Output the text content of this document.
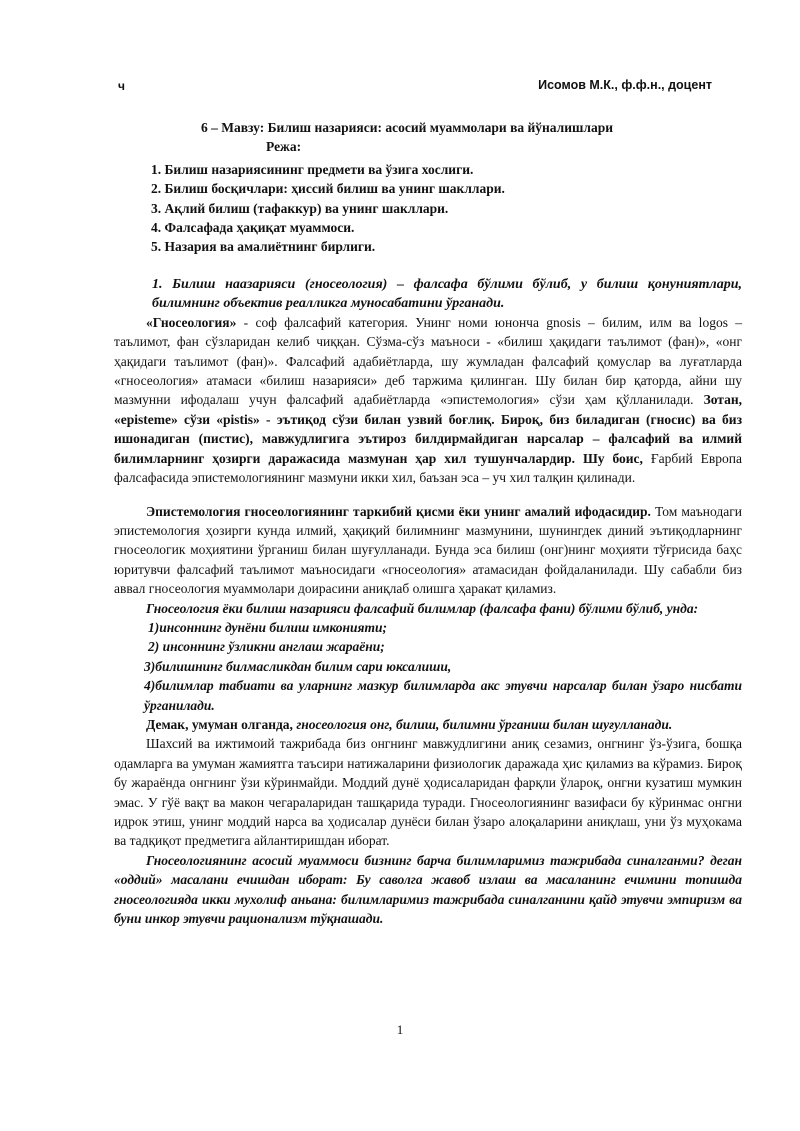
ч	Исомов М.К., ф.ф.н., доцент

6 – Мавзу: Билиш назарияси: асосий муаммолари ва йўналишлари

Режа:

1. Билиш назариясининг предмети ва ўзига хослиги.
2. Билиш босқичлари: ҳиссий билиш ва унинг шакллари.
3. Ақлий билиш (тафаккур) ва унинг шакллари.
4. Фалсафада ҳақиқат муаммоси.
5. Назария ва амалиётнинг бирлиги.

1. Билиш наазарияси (гносеология) – фалсафа бўлими бўлиб, у билиш қонуниятлари, билимнинг объектив реалликга муносабатини ўрганади.

«Гносеология» - соф фалсафий категория. Унинг номи юнонча gnosis – билим, илм ва logos – таълимот, фан сўзларидан келиб чиққан. Сўзма-сўз маъноси - «билиш ҳақидаги таълимот (фан)», «онг ҳақидаги таълимот (фан)». Фалсафий адабиётларда, шу жумладан фалсафий қомуслар ва луғатларда «гносеология» атамаси «билиш назарияси» деб таржима қилинган. Шу билан бир қаторда, айни шу мазмунни ифодалаш учун фалсафий адабиётларда «эпистемология» сўзи ҳам қўлланилади. Зотан, «episteme» сўзи «pistis» - эътиқод сўзи билан узвий боғлиқ. Бироқ, биз биладиган (гносис) ва биз ишонадиган (пистис), мавжудлигига эътироз билдирмайдиган нарсалар – фалсафий ва илмий билимларнинг ҳозирги даражасида мазмунан ҳар хил тушунчалардир. Шу боис, Ғарбий Европа фалсафасида эпистемологиянинг мазмуни икки хил, баъзан эса – уч хил талқин қилинади.

Эпистемология гносеологиянинг таркибий қисми ёки унинг амалий ифодасидир. Том маънодаги эпистемология ҳозирги кунда илмий, ҳақиқий билимнинг мазмунини, шунингдек диний эътиқодларнинг гносеологик моҳиятини ўрганиш билан шуғулланади. Бунда эса билиш (онг)нинг моҳияти тўғрисида баҳс юритувчи фалсафий таълимот маъносидаги «гносеология» атамасидан фойдаланилади. Шу сабабли биз аввал гносеология муаммолари доирасини аниқлаб олишга ҳаракат қиламиз.

Гносеология ёки билиш назарияси фалсафий билимлар (фалсафа фани) бўлими бўлиб, унда:

1)инсоннинг дунёни билиш имконияти;

2) инсоннинг ўзликни англаш жараёни;

3)билишнинг билмасликдан билим сари юксалиши,

4)билимлар табиати ва уларнинг мазкур билимларда акс этувчи нарсалар билан ўзаро нисбати ўрганилади.

Демак, умуман олганда, гносеология онг, билиш, билимни ўрганиш билан шуғулланади.

Шахсий ва ижтимоий тажрибада биз онгнинг мавжудлигини аниқ сезамиз, онгнинг ўз-ўзига, бошқа одамларга ва умуман жамиятга таъсири натижаларини физиологик даражада ҳис қиламиз ва кўрамиз. Бироқ бу жараёнда онгнинг ўзи кўринмайди. Моддий дунё ҳодисаларидан фарқли ўлароқ, онгни кузатиш мумкин эмас. У гўё вақт ва макон чегараларидан ташқарида туради. Гносеологиянинг вазифаси бу кўринмас онгни идрок этиш, унинг моддий нарса ва ҳодисалар дунёси билан ўзаро алоқаларини аниқлаш, уни ўз муҳокама ва тадқиқот предметига айлантиришдан иборат.

Гносеологиянинг асосий муаммоси бизнинг барча билимларимиз тажрибада синалганми? деган «оддий» масалани ечишдан иборат: Бу саволга жавоб излаш ва масаланинг ечимини топишда гносеологияда икки мухолиф аньана: билимларимиз тажрибада синалганини қайд этувчи эмпиризм ва буни инкор этувчи рационализм тўқнашади.

1
